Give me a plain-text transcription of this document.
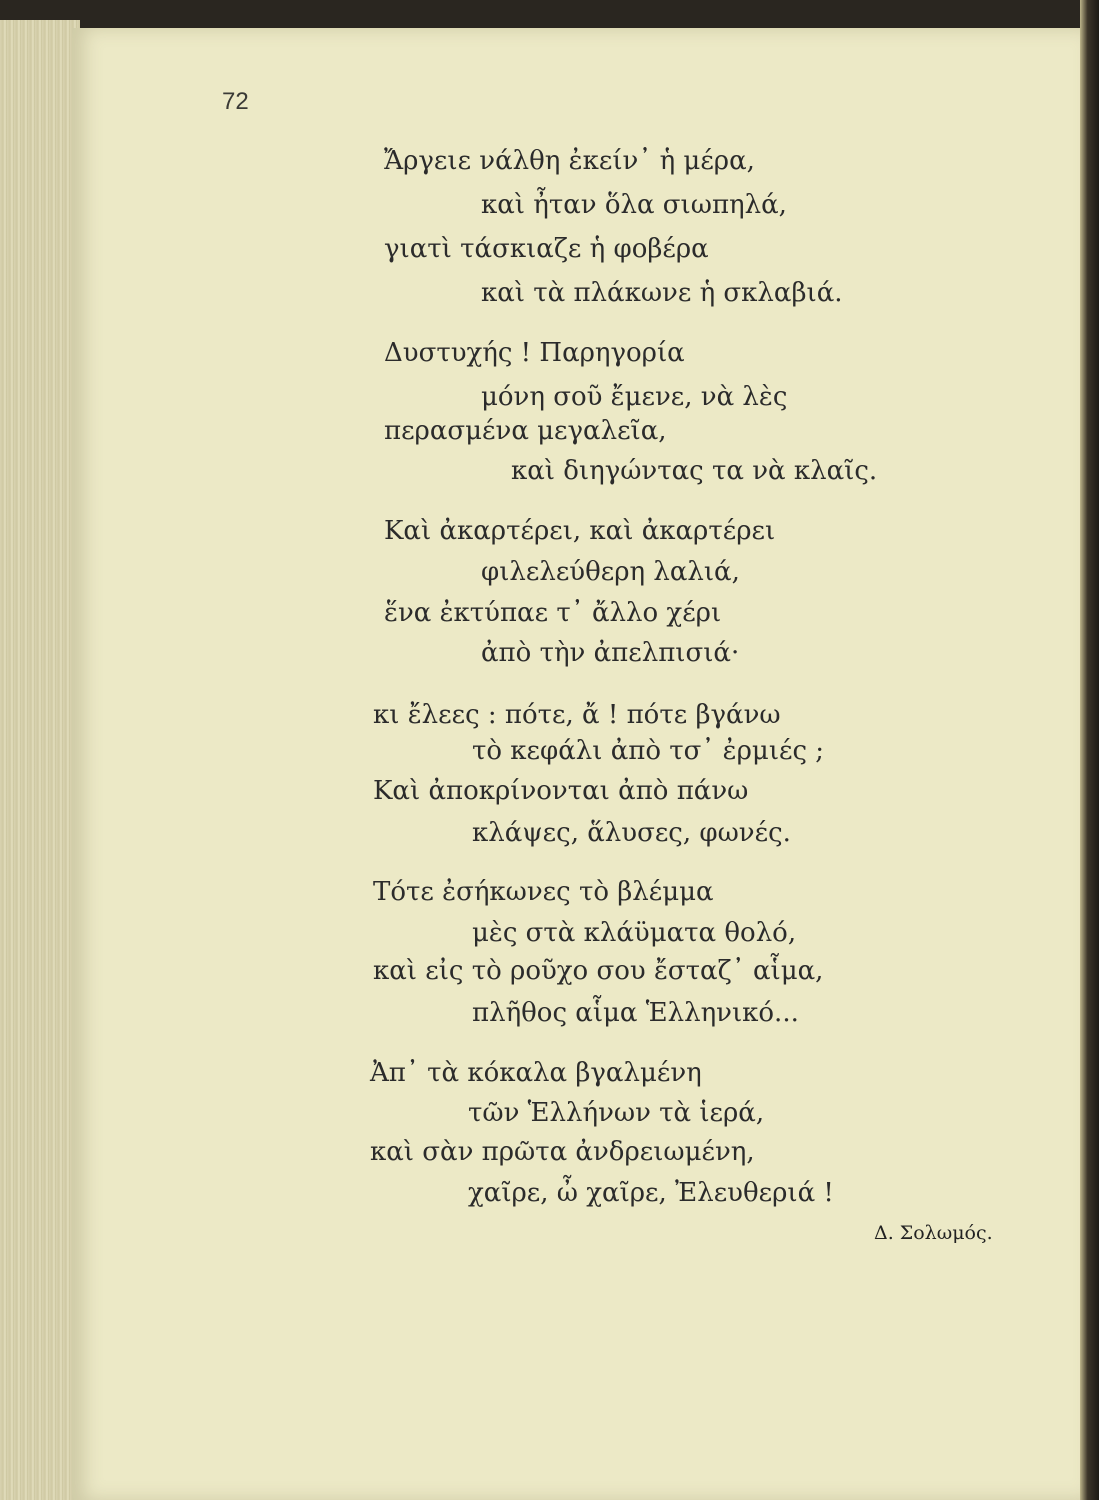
72
Ἄργειε νάλθη ἐκείν᾽ ἡ μέρα,
καὶ ἦταν ὅλα σιωπηλά,
γιατὶ τάσκιαζε ἡ φοβέρα
καὶ τὰ πλάκωνε ἡ σκλαβιά.
Δυστυχής ! Παρηγορία
μόνη σοῦ ἔμενε, νὰ λὲς
περασμένα μεγαλεῖα,
καὶ διηγώντας τα νὰ κλαῖς.
Καὶ ἀκαρτέρει, καὶ ἀκαρτέρει
φιλελεύθερη λαλιά,
ἕνα ἐκτύπαε τ᾽ ἄλλο χέρι
ἀπὸ τὴν ἀπελπισιά·
κι ἔλεες : πότε, ἄ ! πότε βγάνω
τὸ κεφάλι ἀπὸ τσ᾽ ἐρμιές ;
Καὶ ἀποκρίνονται ἀπὸ πάνω
κλάψες, ἅλυσες, φωνές.
Τότε ἐσήκωνες τὸ βλέμμα
μὲς στὰ κλάϋματα θολό,
καὶ εἰς τὸ ροῦχο σου ἔσταζ᾽ αἷμα,
πλῆθος αἷμα Ἑλληνικό...
Ἀπ᾽ τὰ κόκαλα βγαλμένη
τῶν Ἑλλήνων τὰ ἱερά,
καὶ σὰν πρῶτα ἀνδρειωμένη,
χαῖρε, ὦ χαῖρε, Ἐλευθεριά !
Δ. Σολωμός.
